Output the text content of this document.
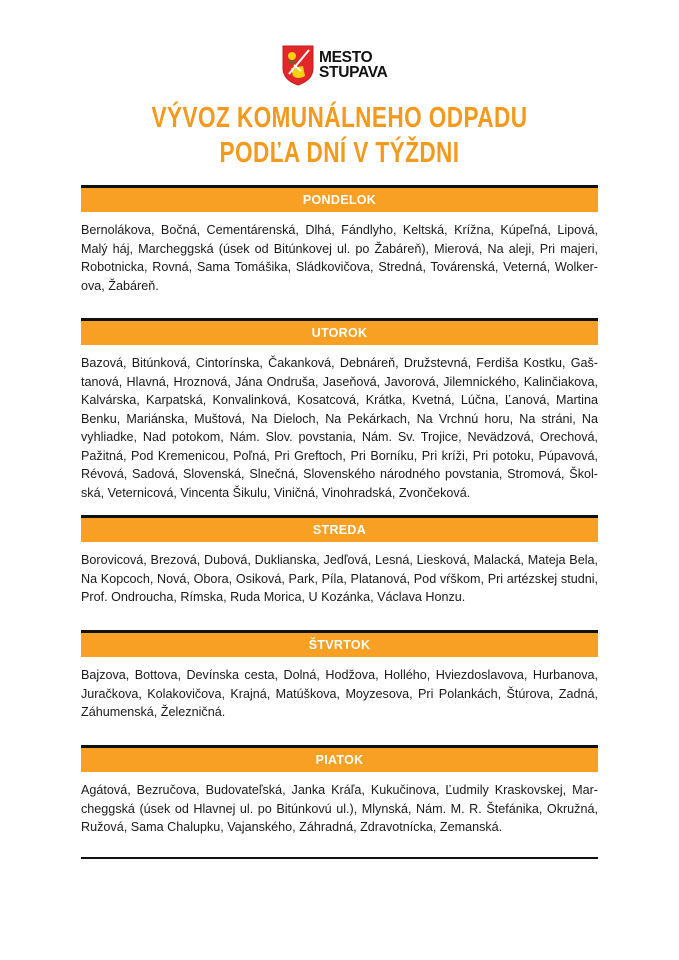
MESTO
STUPAVA
VÝVOZ KOMUNÁLNEHO ODPADU
PODĽA DNÍ V TÝŽDNI
PONDELOK
Bernolákova, Bočná, Cementárenská, Dlhá, Fándlyho, Keltská, Krížna, Kúpeľná, Lipová,
Malý háj, Marcheggská (úsek od Bitúnkovej ul. po Žabáreň), Mierová, Na aleji, Pri majeri,
Robotnicka, Rovná, Sama Tomášika, Sládkovičova, Stredná, Továrenská, Veterná, Wolker-
ova, Žabáreň.
UTOROK
Bazová, Bitúnková, Cintorínska, Čakanková, Debnáreň, Družstevná, Ferdiša Kostku, Gaš-
tanová, Hlavná, Hroznová, Jána Ondruša, Jaseňová, Javorová, Jilemnického, Kalinčiakova,
Kalvárska, Karpatská, Konvalinková, Kosatcová, Krátka, Kvetná, Lúčna, Ľanová, Martina
Benku, Mariánska, Muštová, Na Dieloch, Na Pekárkach, Na Vrchnú horu, Na stráni, Na
vyhliadke, Nad potokom, Nám. Slov. povstania, Nám. Sv. Trojice, Nevädzová, Orechová,
Pažitná, Pod Kremenicou, Poľná, Pri Greftoch, Pri Borníku, Pri kríži, Pri potoku, Púpavová,
Révová, Sadová, Slovenská, Slnečná, Slovenského národného povstania, Stromová, Škol-
ská, Veternicová, Vincenta Šikulu, Viničná, Vinohradská, Zvončeková.
STREDA
Borovicová, Brezová, Dubová, Duklianska, Jedľová, Lesná, Liesková, Malacká, Mateja Bela,
Na Kopcoch, Nová, Obora, Osiková, Park, Píla, Platanová, Pod vŕškom, Pri artézskej studni,
Prof. Ondroucha, Rímska, Ruda Morica, U Kozánka, Václava Honzu.
ŠTVRTOK
Bajzova, Bottova, Devínska cesta, Dolná, Hodžova, Hollého, Hviezdoslavova, Hurbanova,
Juračkova, Kolakovičova, Krajná, Matúškova, Moyzesova, Pri Polankách, Štúrova, Zadná,
Záhumenská, Železničná.
PIATOK
Agátová, Bezručova, Budovateľská, Janka Kráľa, Kukučinova, Ľudmily Kraskovskej, Mar-
cheggská (úsek od Hlavnej ul. po Bitúnkovú ul.), Mlynská, Nám. M. R. Štefánika, Okružná,
Ružová, Sama Chalupku, Vajanského, Záhradná, Zdravotnícka, Zemanská.
